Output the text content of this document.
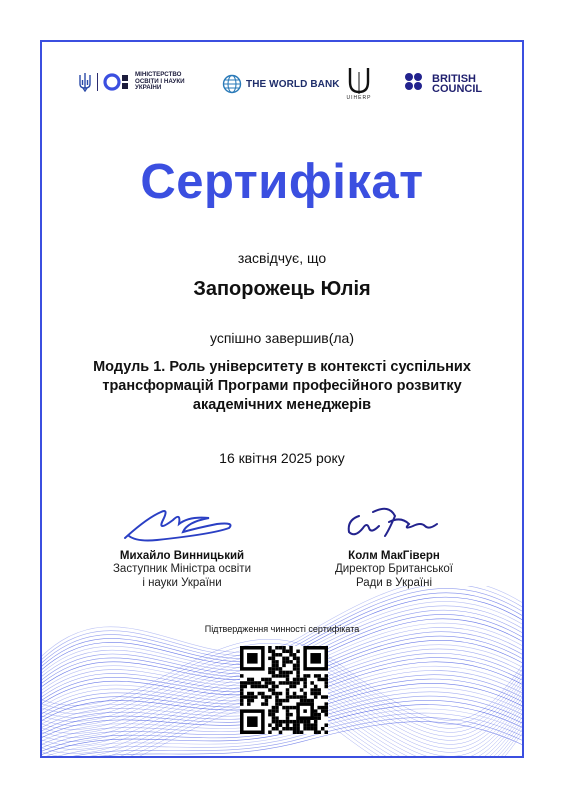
МІНІСТЕРСТВО ОСВІТИ І НАУКИ УКРАЇНИ	THE WORLD BANK
UIHERP
BRITISH
COUNCIL
Сертифікат
засвідчує, що
Запорожець Юлія
успішно завершив(ла)
Модуль 1. Роль університету в контексті суспільних трансформацій Програми професійного розвитку академічних менеджерів
16 квітня 2025 року
Михайло Винницький
Заступник Міністра освіти
і науки України
Колм МакГіверн
Директор Британської
Ради в Україні
Підтвердження чинності сертифіката
